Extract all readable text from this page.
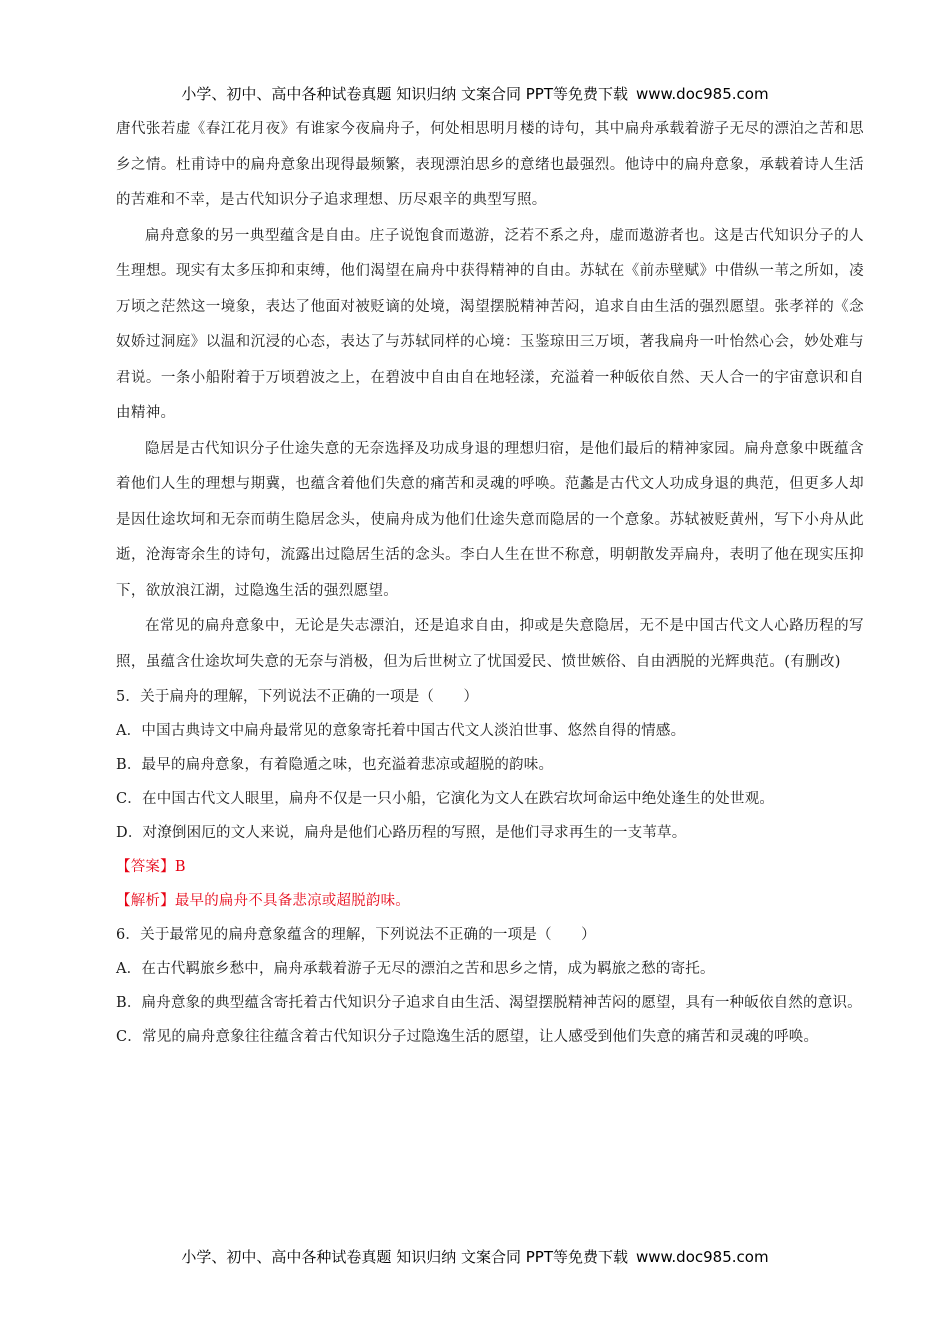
小学、初中、高中各种试卷真题 知识归纳 文案合同 PPT等免费下载 www.doc985.com

唐代张若虚《春江花月夜》有谁家今夜扁舟子，何处相思明月楼的诗句，其中扁舟承载着游子无尽的漂泊之苦和思乡之情。杜甫诗中的扁舟意象出现得最频繁，表现漂泊思乡的意绪也最强烈。他诗中的扁舟意象，承载着诗人生活的苦难和不幸，是古代知识分子追求理想、历尽艰辛的典型写照。

扁舟意象的另一典型蕴含是自由。庄子说饱食而遨游，泛若不系之舟，虚而遨游者也。这是古代知识分子的人生理想。现实有太多压抑和束缚，他们渴望在扁舟中获得精神的自由。苏轼在《前赤壁赋》中借纵一苇之所如，凌万顷之茫然这一境象，表达了他面对被贬谪的处境，渴望摆脱精神苦闷，追求自由生活的强烈愿望。张孝祥的《念奴娇过洞庭》以温和沉浸的心态，表达了与苏轼同样的心境：玉鉴琼田三万顷，著我扁舟一叶怡然心会，妙处难与君说。一条小船附着于万顷碧波之上，在碧波中自由自在地轻漾，充溢着一种皈依自然、天人合一的宇宙意识和自由精神。

隐居是古代知识分子仕途失意的无奈选择及功成身退的理想归宿，是他们最后的精神家园。扁舟意象中既蕴含着他们人生的理想与期冀，也蕴含着他们失意的痛苦和灵魂的呼唤。范蠡是古代文人功成身退的典范，但更多人却是因仕途坎坷和无奈而萌生隐居念头，使扁舟成为他们仕途失意而隐居的一个意象。苏轼被贬黄州，写下小舟从此逝，沧海寄余生的诗句，流露出过隐居生活的念头。李白人生在世不称意，明朝散发弄扁舟，表明了他在现实压抑下，欲放浪江湖，过隐逸生活的强烈愿望。

在常见的扁舟意象中，无论是失志漂泊，还是追求自由，抑或是失意隐居，无不是中国古代文人心路历程的写照，虽蕴含仕途坎坷失意的无奈与消极，但为后世树立了忧国爱民、愤世嫉俗、自由洒脱的光辉典范。(有删改)

5．关于扁舟的理解，下列说法不正确的一项是（　　）

A．中国古典诗文中扁舟最常见的意象寄托着中国古代文人淡泊世事、悠然自得的情感。

B．最早的扁舟意象，有着隐遁之味，也充溢着悲凉或超脱的韵味。

C．在中国古代文人眼里，扁舟不仅是一只小船，它演化为文人在跌宕坎坷命运中绝处逢生的处世观。

D．对潦倒困厄的文人来说，扁舟是他们心路历程的写照，是他们寻求再生的一支苇草。

【答案】B

【解析】最早的扁舟不具备悲凉或超脱韵味。

6．关于最常见的扁舟意象蕴含的理解，下列说法不正确的一项是（　　）

A．在古代羁旅乡愁中，扁舟承载着游子无尽的漂泊之苦和思乡之情，成为羁旅之愁的寄托。

B．扁舟意象的典型蕴含寄托着古代知识分子追求自由生活、渴望摆脱精神苦闷的愿望，具有一种皈依自然的意识。

C．常见的扁舟意象往往蕴含着古代知识分子过隐逸生活的愿望，让人感受到他们失意的痛苦和灵魂的呼唤。

小学、初中、高中各种试卷真题 知识归纳 文案合同 PPT等免费下载 www.doc985.com
